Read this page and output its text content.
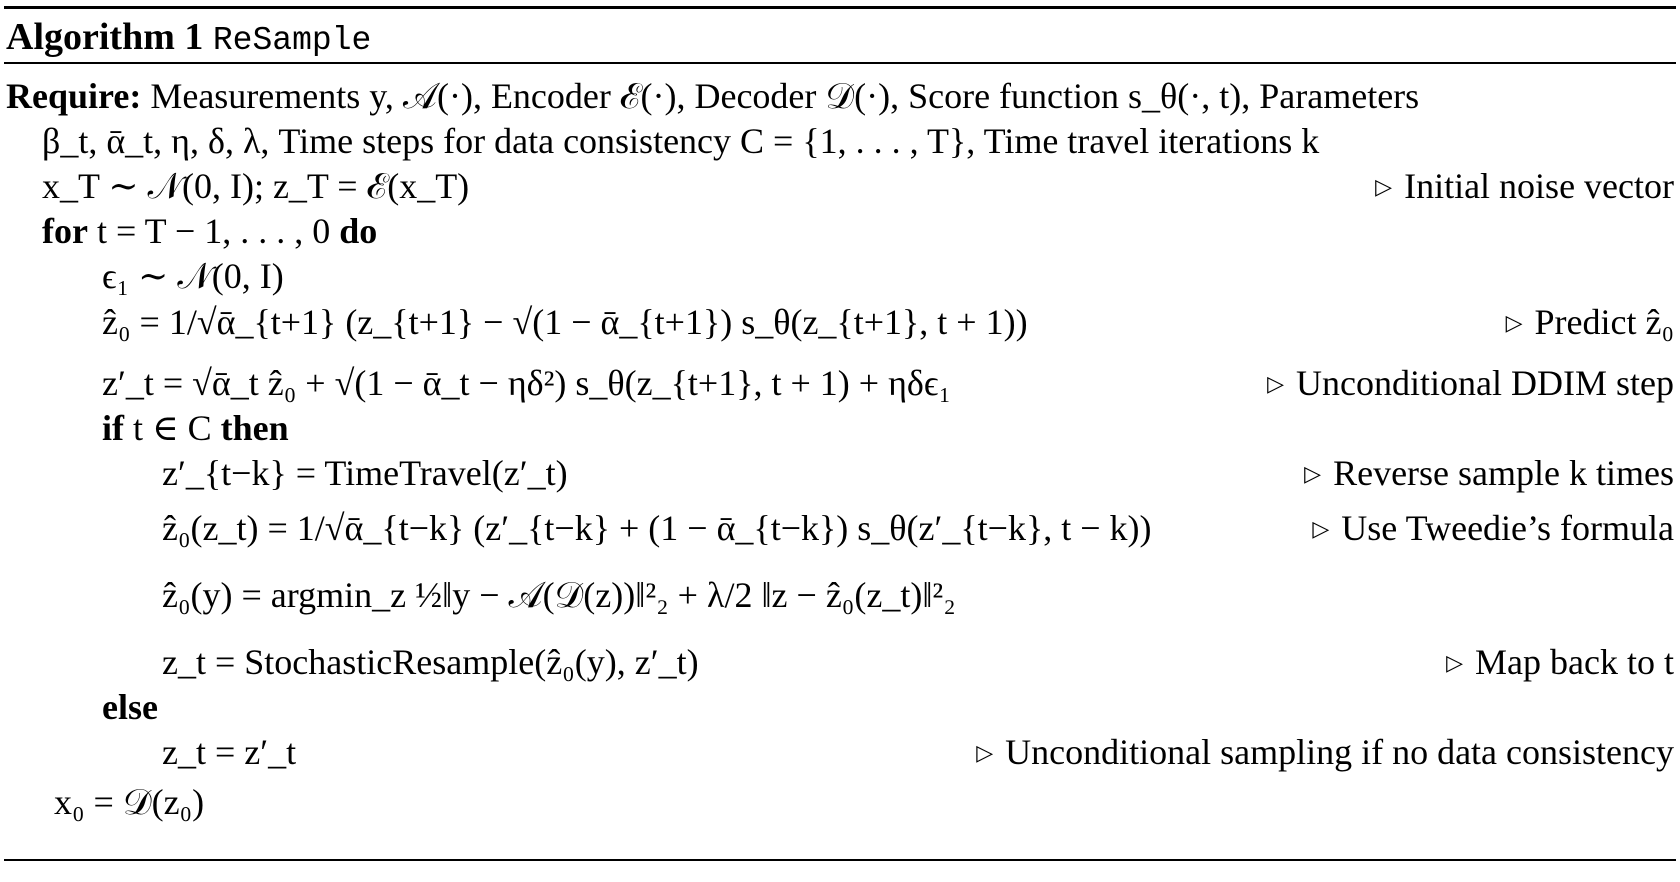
Algorithm 1 ReSample
Require: Measurements y, 𝒜(·), Encoder ℰ(·), Decoder 𝒟(·), Score function s_θ(·, t), Parameters
β_t, ᾱ_t, η, δ, λ, Time steps for data consistency C = {1, . . . , T}, Time travel iterations k
x_T ∼ 𝒩(0, I); z_T = ℰ(x_T)	▷ Initial noise vector
for t = T − 1, . . . , 0 do
ϵ₁ ∼ 𝒩(0, I)
ẑ₀ = 1/√ᾱ_{t+1} (z_{t+1} − √(1 − ᾱ_{t+1}) s_θ(z_{t+1}, t + 1))	▷ Predict ẑ₀
z′_t = √ᾱ_t ẑ₀ + √(1 − ᾱ_t − ηδ²) s_θ(z_{t+1}, t + 1) + ηδϵ₁	▷ Unconditional DDIM step
if t ∈ C then
z′_{t−k} = TimeTravel(z′_t)	▷ Reverse sample k times
ẑ₀(z_t) = 1/√ᾱ_{t−k} (z′_{t−k} + (1 − ᾱ_{t−k}) s_θ(z′_{t−k}, t − k))	▷ Use Tweedie’s formula
ẑ₀(y) = argmin_z ½‖y − 𝒜(𝒟(z))‖²₂ + λ/2 ‖z − ẑ₀(z_t)‖²₂
z_t = StochasticResample(ẑ₀(y), z′_t)	▷ Map back to t
else
z_t = z′_t	▷ Unconditional sampling if no data consistency
x₀ = 𝒟(z₀)
